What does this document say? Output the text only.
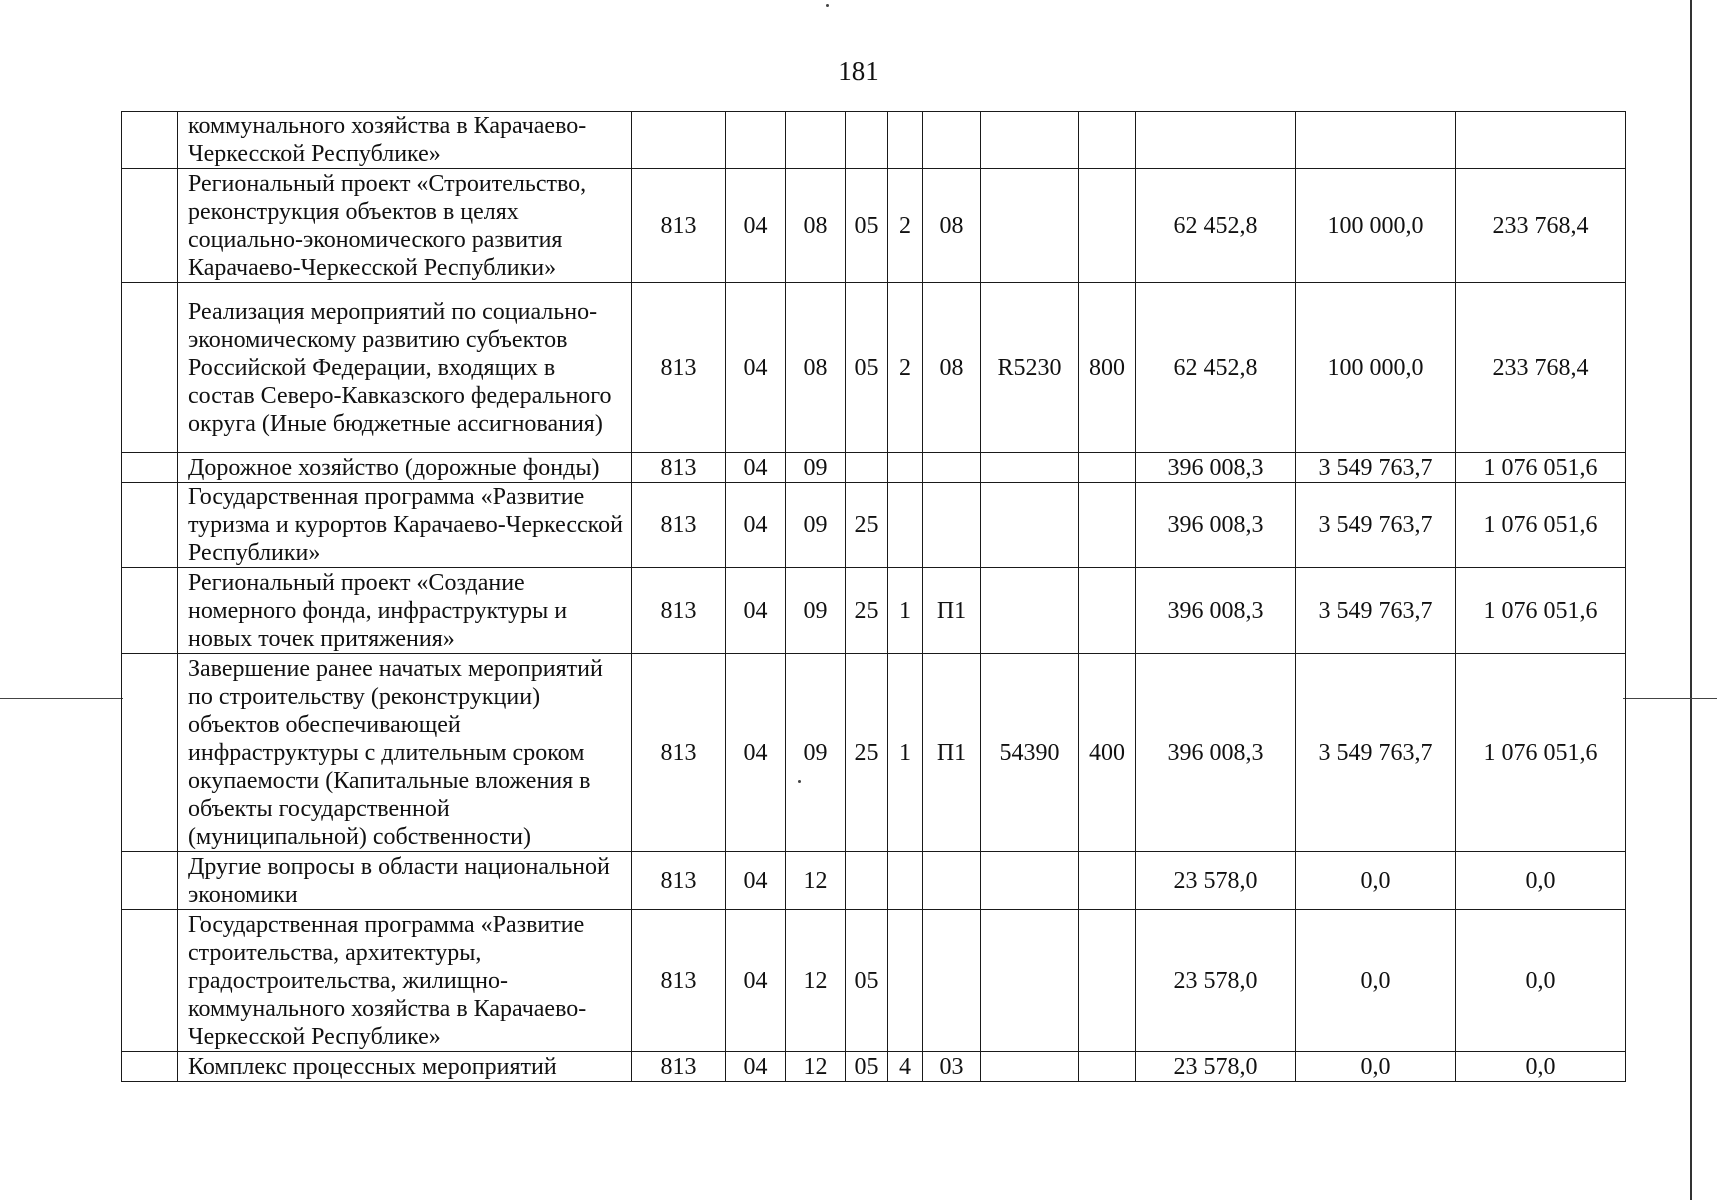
181
	коммунального хозяйства в Карачаево-Черкесской Республике»											
	Региональный проект «Строительство, реконструкция объектов в целях социально-экономического развития Карачаево-Черкесской Республики»	813	04	08	05	2	08			62 452,8	100 000,0	233 768,4
	Реализация мероприятий по социально-экономическому развитию субъектов Российской Федерации, входящих в состав Северо-Кавказского федерального округа (Иные бюджетные ассигнования)	813	04	08	05	2	08	R5230	800	62 452,8	100 000,0	233 768,4
	Дорожное хозяйство (дорожные фонды)	813	04	09						396 008,3	3 549 763,7	1 076 051,6
	Государственная программа «Развитие туризма и курортов Карачаево-Черкесской Республики»	813	04	09	25					396 008,3	3 549 763,7	1 076 051,6
	Региональный проект «Создание номерного фонда, инфраструктуры и новых точек притяжения»	813	04	09	25	1	П1			396 008,3	3 549 763,7	1 076 051,6
	Завершение ранее начатых мероприятий по строительству (реконструкции) объектов обеспечивающей инфраструктуры с длительным сроком окупаемости (Капитальные вложения в объекты государственной (муниципальной) собственности)	813	04	09	25	1	П1	54390	400	396 008,3	3 549 763,7	1 076 051,6
	Другие вопросы в области национальной экономики	813	04	12						23 578,0	0,0	0,0
	Государственная программа «Развитие строительства, архитектуры, градостроительства, жилищно-коммунального хозяйства в Карачаево-Черкесской Республике»	813	04	12	05					23 578,0	0,0	0,0
	Комплекс процессных мероприятий	813	04	12	05	4	03			23 578,0	0,0	0,0
